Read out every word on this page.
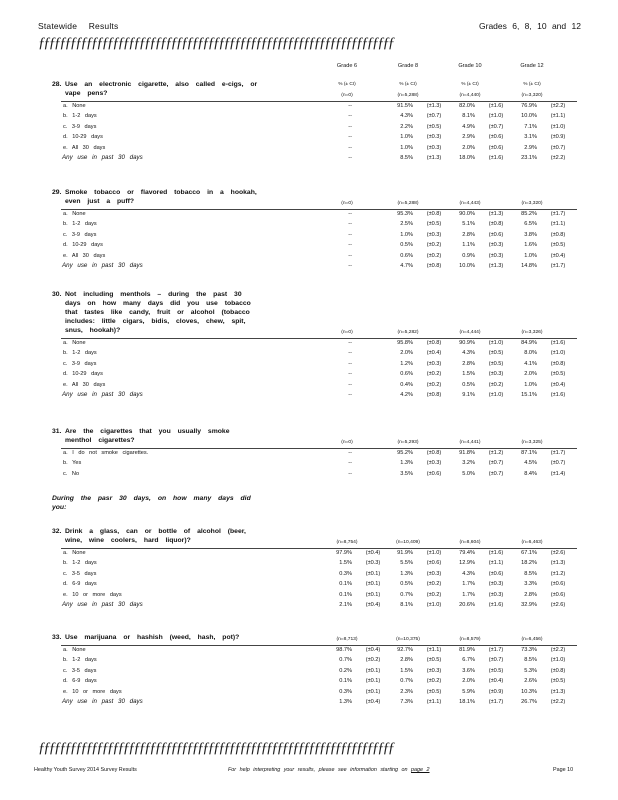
Statewide Results	Grades 6, 8, 10 and 12
ƒƒƒƒƒƒƒƒƒƒƒƒƒƒƒƒƒƒƒƒƒƒƒƒƒƒƒƒƒƒƒƒƒƒƒƒƒƒƒƒƒƒƒƒƒƒƒƒƒƒƒƒƒƒƒƒƒƒƒƒƒƒƒƒƒƒƒ
Grade 6	Grade 8	Grade 10	Grade 12
28. Use an electronic cigarette, also called e-cigs, or
vape pens?
% (± CI)	% (± CI)	% (± CI)	% (± CI)
(n=0)	(n=5,288)	(n=4,440)	(n=3,320)
a. None	--	91.5%	(±1.3)	82.0%	(±1.6)	76.9%	(±2.2)
b. 1-2 days	--	4.3%	(±0.7)	8.1%	(±1.0)	10.0%	(±1.1)
c. 3-9 days	--	2.2%	(±0.5)	4.9%	(±0.7)	7.1%	(±1.0)
d. 10-29 days	--	1.0%	(±0.3)	2.9%	(±0.6)	3.1%	(±0.9)
e. All 30 days	--	1.0%	(±0.3)	2.0%	(±0.6)	2.9%	(±0.7)
Any use in past 30 days	--	8.5%	(±1.3)	18.0%	(±1.6)	23.1%	(±2.2)
29. Smoke tobacco or flavored tobacco in a hookah,
even just a puff?	(n=0)	(n=5,288)	(n=4,443)	(n=3,320)
a. None	--	95.3%	(±0.8)	90.0%	(±1.3)	85.2%	(±1.7)
b. 1-2 days	--	2.5%	(±0.5)	5.1%	(±0.8)	6.5%	(±1.1)
c. 3-9 days	--	1.0%	(±0.3)	2.8%	(±0.6)	3.8%	(±0.8)
d. 10-29 days	--	0.5%	(±0.2)	1.1%	(±0.3)	1.6%	(±0.5)
e. All 30 days	--	0.6%	(±0.2)	0.9%	(±0.3)	1.0%	(±0.4)
Any use in past 30 days	--	4.7%	(±0.8)	10.0%	(±1.3)	14.8%	(±1.7)
30. Not including menthols – during the past 30
days on how many days did you use tobacco
that tastes like candy, fruit or alcohol (tobacco
includes: little cigars, bidis, cloves, chew, spit,
snus, hookah)?	(n=0)	(n=5,282)	(n=4,444)	(n=3,326)
a. None	--	95.8%	(±0.8)	90.9%	(±1.0)	84.9%	(±1.6)
b. 1-2 days	--	2.0%	(±0.4)	4.3%	(±0.5)	8.0%	(±1.0)
c. 3-9 days	--	1.2%	(±0.3)	2.8%	(±0.5)	4.1%	(±0.8)
d. 10-29 days	--	0.6%	(±0.2)	1.5%	(±0.3)	2.0%	(±0.5)
e. All 30 days	--	0.4%	(±0.2)	0.5%	(±0.2)	1.0%	(±0.4)
Any use in past 30 days	--	4.2%	(±0.8)	9.1%	(±1.0)	15.1%	(±1.6)
31. Are the cigarettes that you usually smoke
menthol cigarettes?	(n=0)	(n=5,293)	(n=4,441)	(n=3,325)
a. I do not smoke cigarettes.	--	95.2%	(±0.8)	91.8%	(±1.2)	87.1%	(±1.7)
b. Yes	--	1.3%	(±0.3)	3.2%	(±0.7)	4.5%	(±0.7)
c. No	--	3.5%	(±0.6)	5.0%	(±0.7)	8.4%	(±1.4)
32. Drink a glass, can or bottle of alcohol (beer,
wine, wine coolers, hard liquor)?	(n=8,754)	(n=10,409)	(n=8,604)	(n=6,463)
a. None	97.9%	(±0.4)	91.9%	(±1.0)	79.4%	(±1.6)	67.1%	(±2.6)
b. 1-2 days	1.5%	(±0.3)	5.5%	(±0.6)	12.9%	(±1.1)	18.2%	(±1.3)
c. 3-5 days	0.3%	(±0.1)	1.3%	(±0.3)	4.3%	(±0.6)	8.5%	(±1.2)
d. 6-9 days	0.1%	(±0.1)	0.5%	(±0.2)	1.7%	(±0.3)	3.3%	(±0.6)
e. 10 or more days	0.1%	(±0.1)	0.7%	(±0.2)	1.7%	(±0.3)	2.8%	(±0.6)
Any use in past 30 days	2.1%	(±0.4)	8.1%	(±1.0)	20.6%	(±1.6)	32.9%	(±2.6)
33. Use marijuana or hashish (weed, hash, pot)?	(n=8,713)	(n=10,375)	(n=8,579)	(n=6,456)
a. None	98.7%	(±0.4)	92.7%	(±1.1)	81.9%	(±1.7)	73.3%	(±2.2)
b. 1-2 days	0.7%	(±0.2)	2.8%	(±0.5)	6.7%	(±0.7)	8.5%	(±1.0)
c. 3-5 days	0.2%	(±0.1)	1.5%	(±0.3)	3.6%	(±0.5)	5.3%	(±0.8)
d. 6-9 days	0.1%	(±0.1)	0.7%	(±0.2)	2.0%	(±0.4)	2.6%	(±0.5)
e. 10 or more days	0.3%	(±0.1)	2.3%	(±0.5)	5.9%	(±0.9)	10.3%	(±1.3)
Any use in past 30 days	1.3%	(±0.4)	7.3%	(±1.1)	18.1%	(±1.7)	26.7%	(±2.2)
During the pasr 30 days, on how many days did
you:
ƒƒƒƒƒƒƒƒƒƒƒƒƒƒƒƒƒƒƒƒƒƒƒƒƒƒƒƒƒƒƒƒƒƒƒƒƒƒƒƒƒƒƒƒƒƒƒƒƒƒƒƒƒƒƒƒƒƒƒƒƒƒƒƒƒƒƒ
Healthy Youth Survey 2014 Survey Results	For help interpreting your results, please see information starting on page 2	Page 10
